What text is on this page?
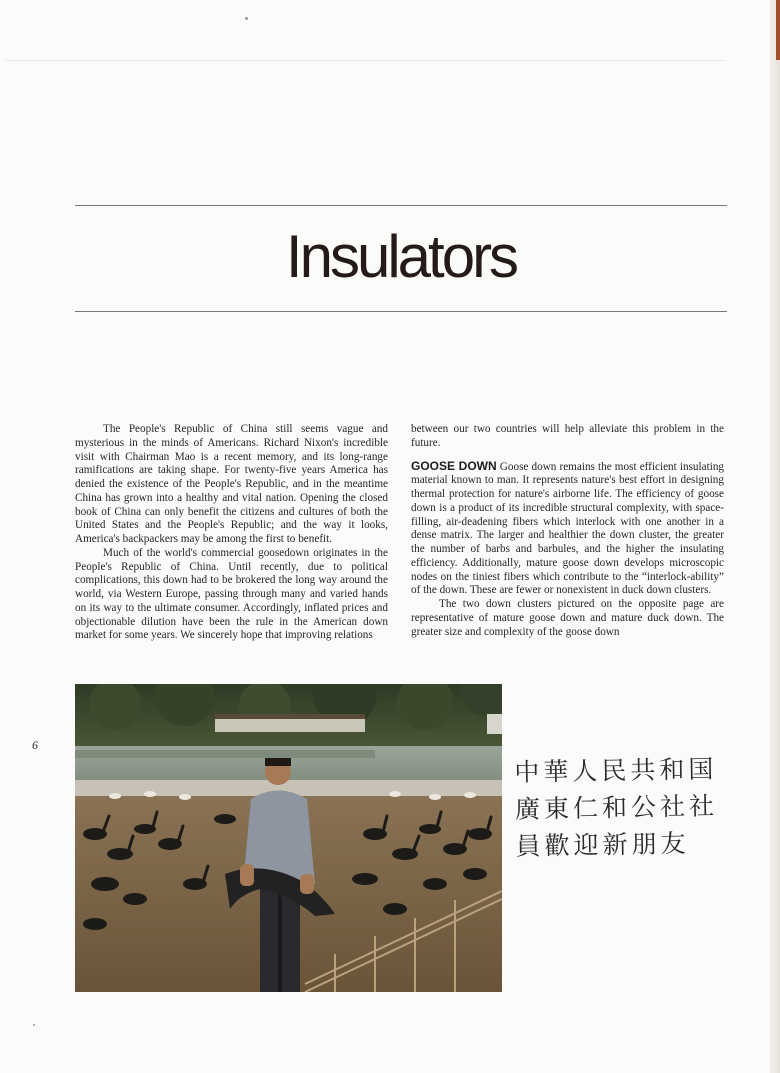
Insulators

The People's Republic of China still seems vague and mysterious in the minds of Americans. Richard Nixon's incredible visit with Chairman Mao is a recent memory, and its long-range ramifications are taking shape. For twenty-five years America has denied the existence of the People's Republic, and in the meantime China has grown into a healthy and vital nation. Opening the closed book of China can only benefit the citizens and cultures of both the United States and the People's Republic; and the way it looks, America's backpackers may be among the first to benefit.

Much of the world's commercial goosedown originates in the People's Republic of China. Until recently, due to political complications, this down had to be brokered the long way around the world, via Western Europe, passing through many and varied hands on its way to the ultimate consumer. Accordingly, inflated prices and objectionable dilution have been the rule in the American down market for some years. We sincerely hope that improving relations

between our two countries will help alleviate this problem in the future.

GOOSE DOWN Goose down remains the most efficient insulating material known to man. It represents nature's best effort in designing thermal protection for nature's airborne life. The efficiency of goose down is a product of its incredible structural complexity, with space-filling, air-deadening fibers which interlock with one another in a dense matrix. The larger and healthier the down cluster, the greater the number of barbs and barbules, and the higher the insulating efficiency. Additionally, mature goose down develops microscopic nodes on the tiniest fibers which contribute to the “interlock-ability” of the down. These are fewer or nonexistent in duck down clusters.

The two down clusters pictured on the opposite page are representative of mature goose down and mature duck down. The greater size and complexity of the goose down

6
中華人民共和国
廣東仁和公社社
員歡迎新朋友
